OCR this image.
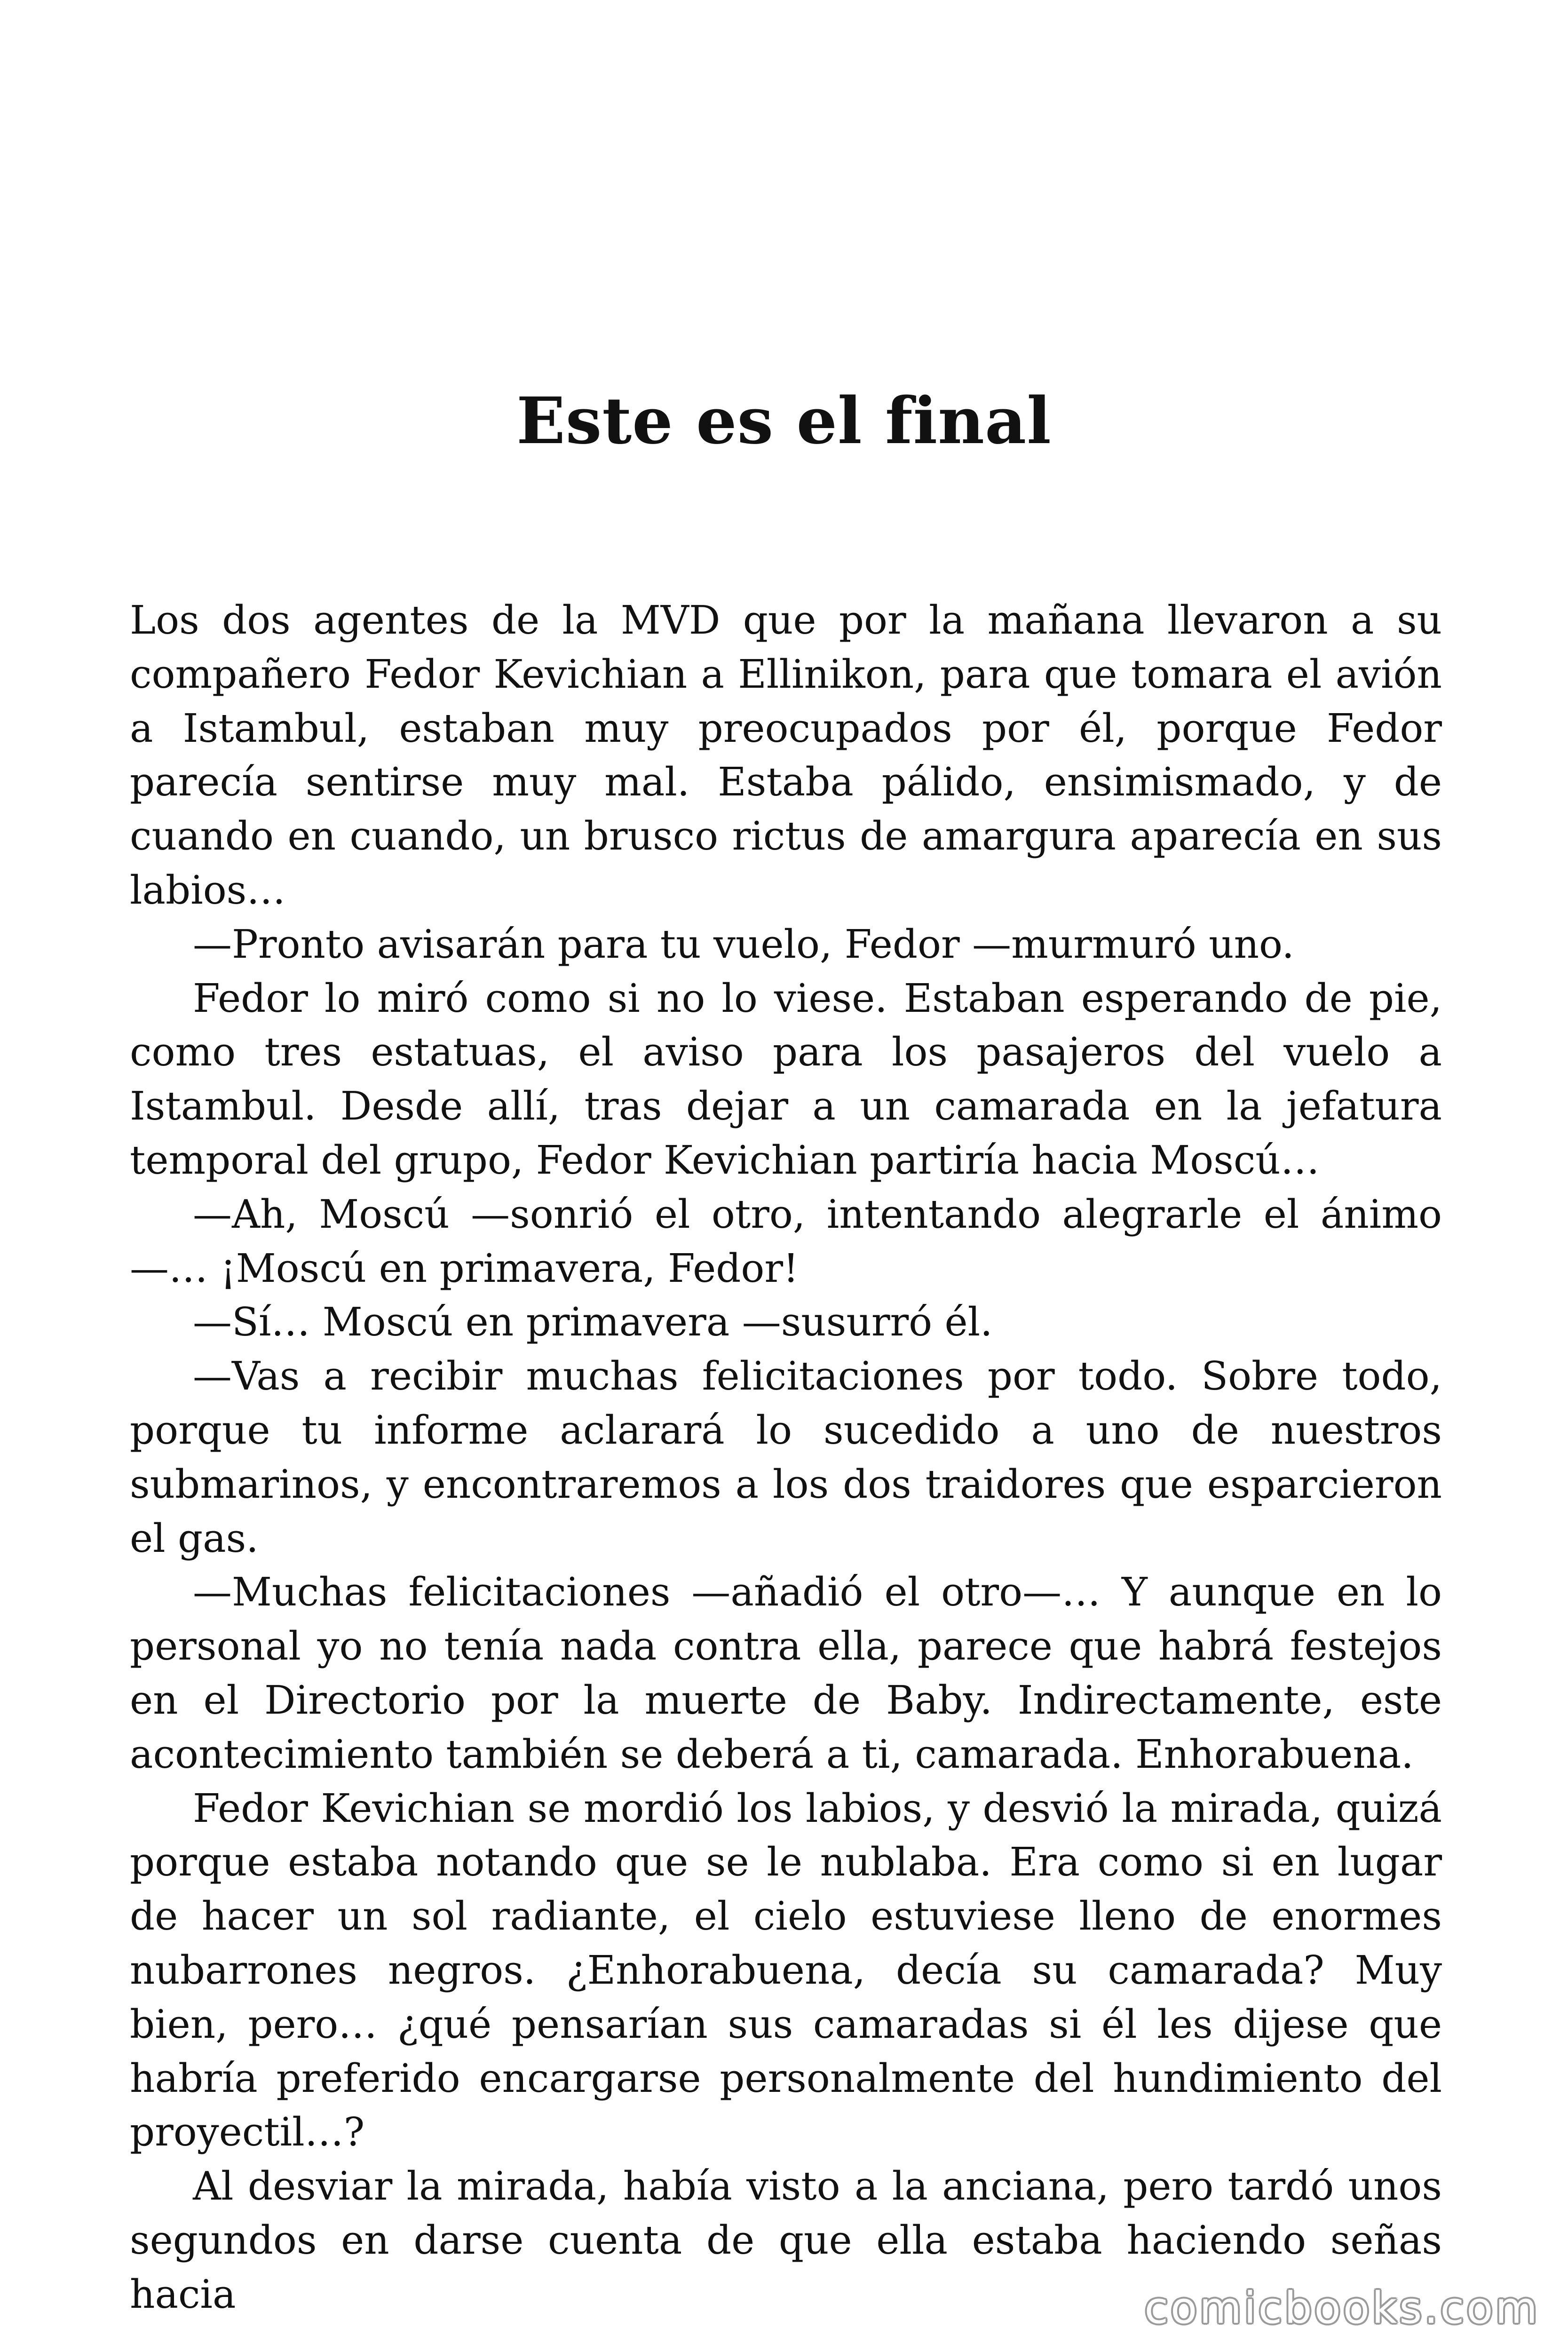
Este es el final

Los dos agentes de la MVD que por la mañana llevaron a su compañero Fedor Kevichian a Ellinikon, para que tomara el avión a Istambul, estaban muy preocupados por él, porque Fedor parecía sentirse muy mal. Estaba pálido, ensimismado, y de cuando en cuando, un brusco rictus de amargura aparecía en sus labios…

—Pronto avisarán para tu vuelo, Fedor —murmuró uno.

Fedor lo miró como si no lo viese. Estaban esperando de pie, como tres estatuas, el aviso para los pasajeros del vuelo a Istambul. Desde allí, tras dejar a un camarada en la jefatura temporal del grupo, Fedor Kevichian partiría hacia Moscú…

—Ah, Moscú —sonrió el otro, intentando alegrarle el ánimo—… ¡Moscú en primavera, Fedor!

—Sí… Moscú en primavera —susurró él.

—Vas a recibir muchas felicitaciones por todo. Sobre todo, porque tu informe aclarará lo sucedido a uno de nuestros submarinos, y encontraremos a los dos traidores que esparcieron el gas.

—Muchas felicitaciones —añadió el otro—… Y aunque en lo personal yo no tenía nada contra ella, parece que habrá festejos en el Directorio por la muerte de Baby. Indirectamente, este acontecimiento también se deberá a ti, camarada. Enhorabuena.

Fedor Kevichian se mordió los labios, y desvió la mirada, quizá porque estaba notando que se le nublaba. Era como si en lugar de hacer un sol radiante, el cielo estuviese lleno de enormes nubarrones negros. ¿Enhorabuena, decía su camarada? Muy bien, pero… ¿qué pensarían sus camaradas si él les dijese que habría preferido encargarse personalmente del hundimiento del proyectil…?

Al desviar la mirada, había visto a la anciana, pero tardó unos segundos en darse cuenta de que ella estaba haciendo señas hacia	comicbooks.com
